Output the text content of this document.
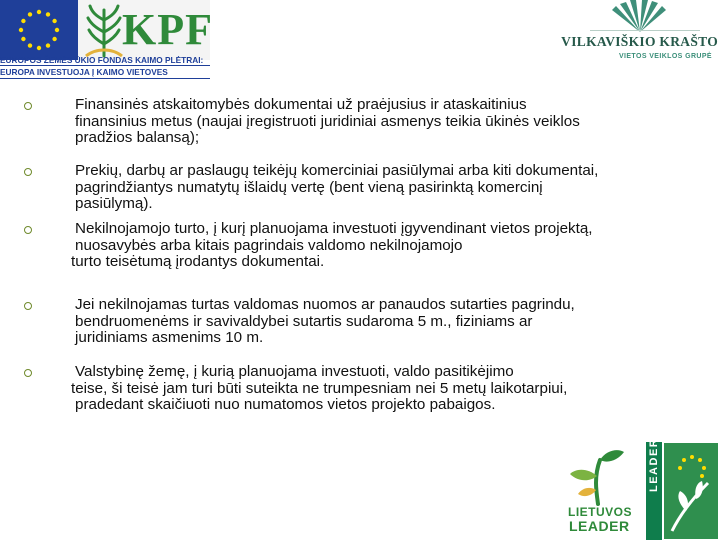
KPF
EUROPOS ŽEMĖS ŪKIO FONDAS KAIMO PLĖTRAI:
EUROPA INVESTUOJA Į KAIMO VIETOVES
VILKAVIŠKIO KRAŠTO
VIETOS VEIKLOS GRUPĖ
Finansinės atskaitomybės dokumentai už praėjusius ir ataskaitinius
finansinius metus (naujai įregistruoti juridiniai asmenys teikia ūkinės veiklos
pradžios balansą);
Prekių, darbų ar paslaugų teikėjų komerciniai pasiūlymai arba kiti dokumentai,
pagrindžiantys numatytų išlaidų vertę (bent vieną pasirinktą komercinį
pasiūlymą).
Nekilnojamojo turto, į kurį planuojama investuoti įgyvendinant vietos projektą,
nuosavybės arba kitais pagrindais valdomo nekilnojamojo
turto teisėtumą įrodantys dokumentai.
Jei nekilnojamas turtas valdomas nuomos ar panaudos sutarties pagrindu,
bendruomenėms ir savivaldybei sutartis sudaroma 5 m., fiziniams ar
juridiniams asmenims 10 m.
Valstybinę žemę, į kurią planuojama investuoti, valdo pasitikėjimo
teise, ši teisė jam turi būti suteikta ne trumpesniam nei 5 metų laikotarpiui,
pradedant skaičiuoti nuo numatomos vietos projekto pabaigos.
LIETUVOS
LEADER
LEADER
